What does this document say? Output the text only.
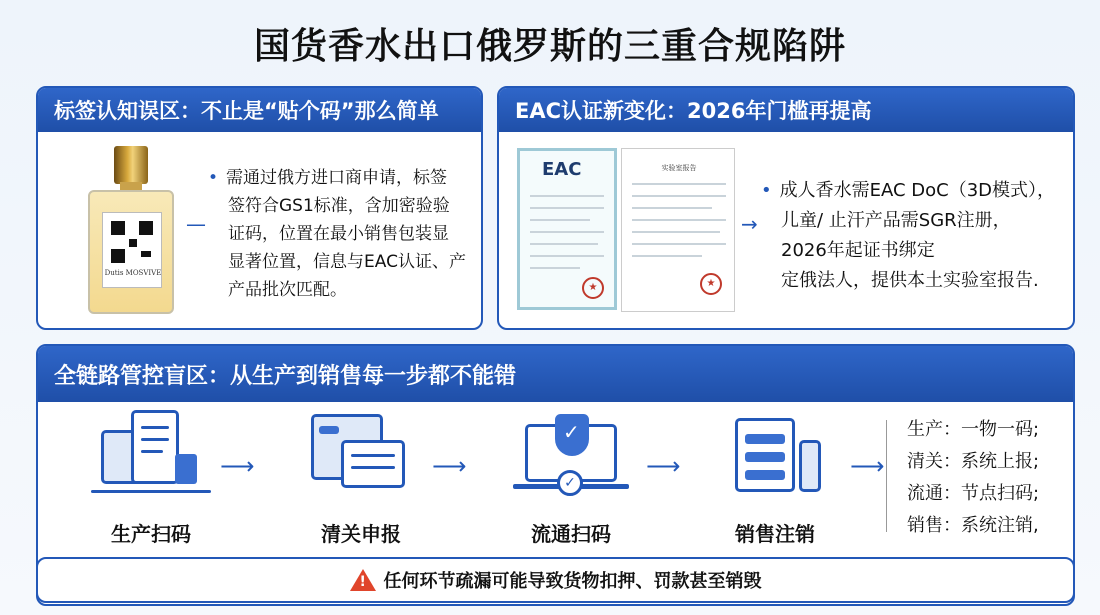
国货香水出口俄罗斯的三重合规陷阱
标签认知误区：不止是“贴个码”那么简单
Dutis MOSVIVE
—
• 需通过俄方进口商申请，标签
签符合GS1标准，含加密验验
证码，位置在最小销售包装显
显著位置，信息与EAC认证、产
产品批次匹配。
EAC认证新变化：2026年门槛再提高
EAC
★
实验室报告
★
→
• 成人香水需EAC DoC（3D模式），
儿童/ 止汗产品需SGR注册，
2026年起证书绑定
定俄法人，提供本土实验室报告.
全链路管控盲区：从生产到销售每一步都不能错
生产扫码
⟶
清关申报
⟶
✓
✓
流通扫码
⟶
销售注销
⟶
生产：一物一码;
清关：系统上报;
流通：节点扫码;
销售：系统注销,
! 任何环节疏漏可能导致货物扣押、罚款甚至销毁
